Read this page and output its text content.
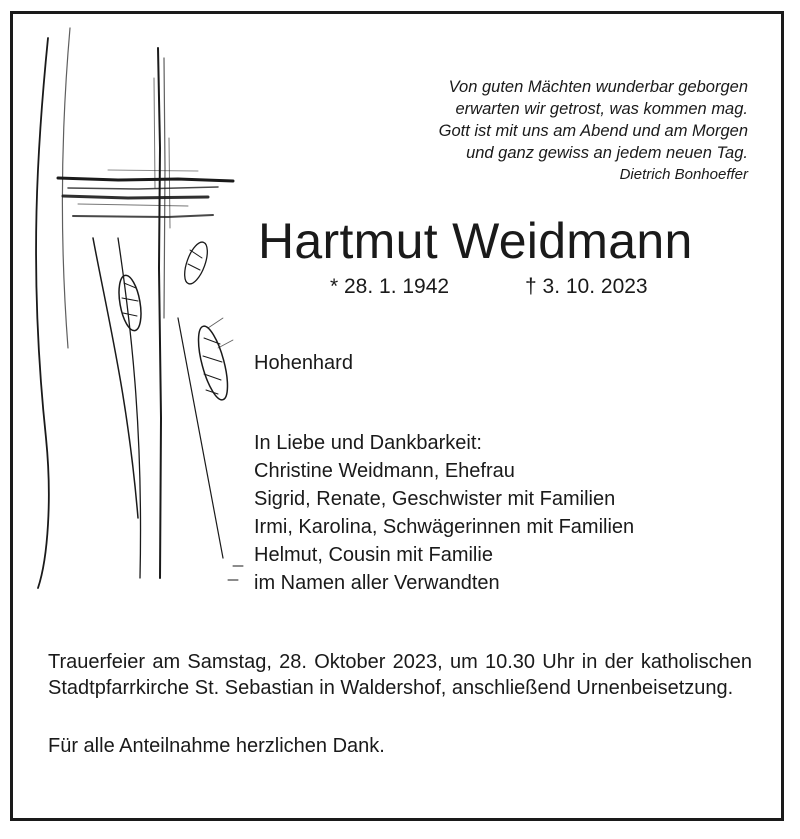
Von guten Mächten wunderbar geborgen
erwarten wir getrost, was kommen mag.
Gott ist mit uns am Abend und am Morgen
und ganz gewiss an jedem neuen Tag.
Dietrich Bonhoeffer
Hartmut Weidmann
* 28. 1. 1942	† 3. 10. 2023
Hohenhard
In Liebe und Dankbarkeit:
Christine Weidmann, Ehefrau
Sigrid, Renate, Geschwister mit Familien
Irmi, Karolina, Schwägerinnen mit Familien
Helmut, Cousin mit Familie
im Namen aller Verwandten
Trauerfeier am Samstag, 28. Oktober 2023, um 10.30 Uhr in der katholischen Stadtpfarrkirche St. Sebastian in Waldershof, anschließend Urnenbeisetzung.
Für alle Anteilnahme herzlichen Dank.
